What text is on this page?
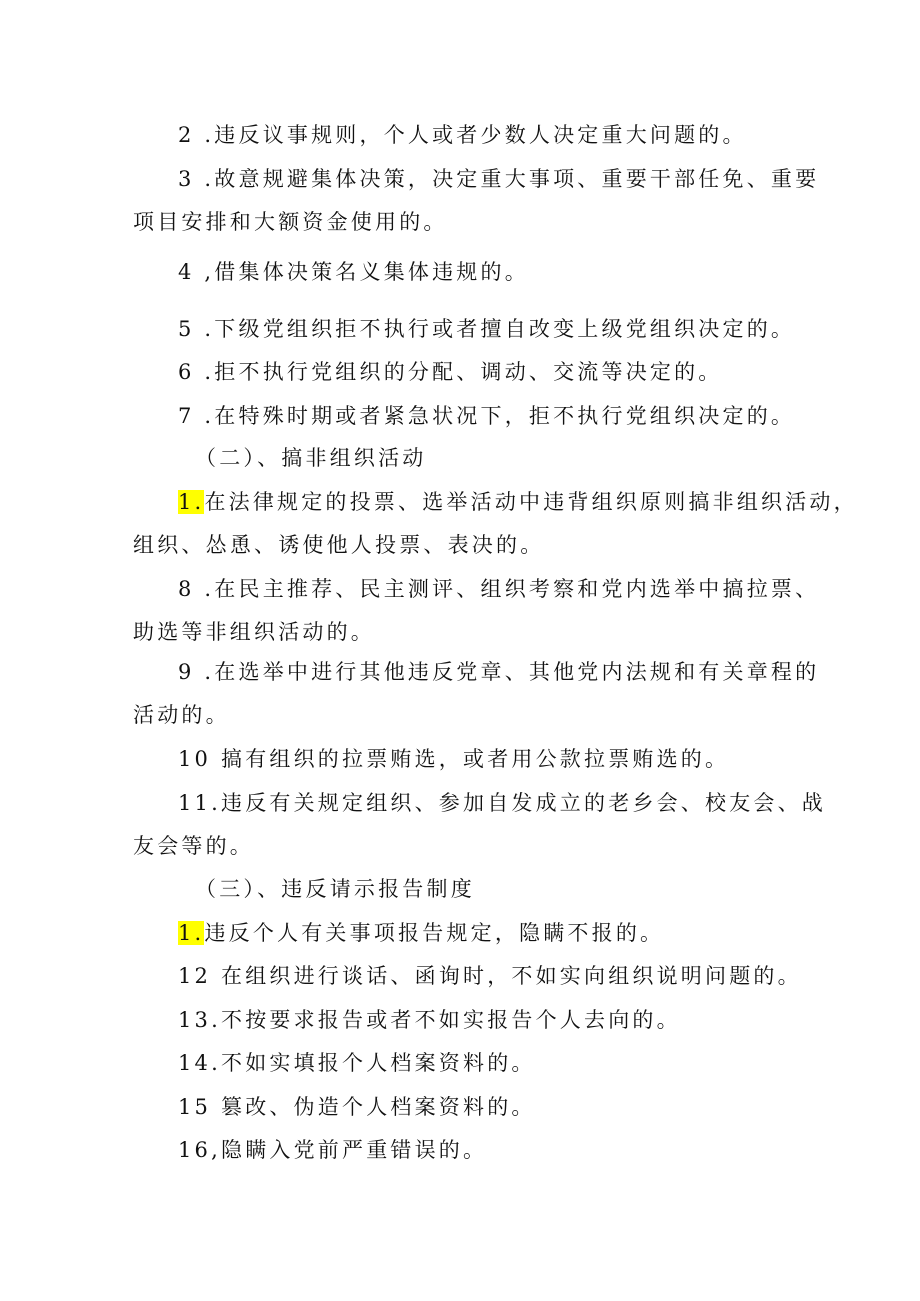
2 .违反议事规则，个人或者少数人决定重大问题的。
3 .故意规避集体决策，决定重大事项、重要干部任免、重要
项目安排和大额资金使用的。
4 ,借集体决策名义集体违规的。
5 .下级党组织拒不执行或者擅自改变上级党组织决定的。
6 .拒不执行党组织的分配、调动、交流等决定的。
7 .在特殊时期或者紧急状况下，拒不执行党组织决定的。
（二）、搞非组织活动
1.在法律规定的投票、选举活动中违背组织原则搞非组织活动，
组织、怂恿、诱使他人投票、表决的。
8 .在民主推荐、民主测评、组织考察和党内选举中搞拉票、
助选等非组织活动的。
9 .在选举中进行其他违反党章、其他党内法规和有关章程的
活动的。
10 搞有组织的拉票贿选，或者用公款拉票贿选的。
11.违反有关规定组织、参加自发成立的老乡会、校友会、战
友会等的。
（三）、违反请示报告制度
1.违反个人有关事项报告规定，隐瞒不报的。
12 在组织进行谈话、函询时，不如实向组织说明问题的。
13.不按要求报告或者不如实报告个人去向的。
14.不如实填报个人档案资料的。
15 篡改、伪造个人档案资料的。
16,隐瞒入党前严重错误的。
